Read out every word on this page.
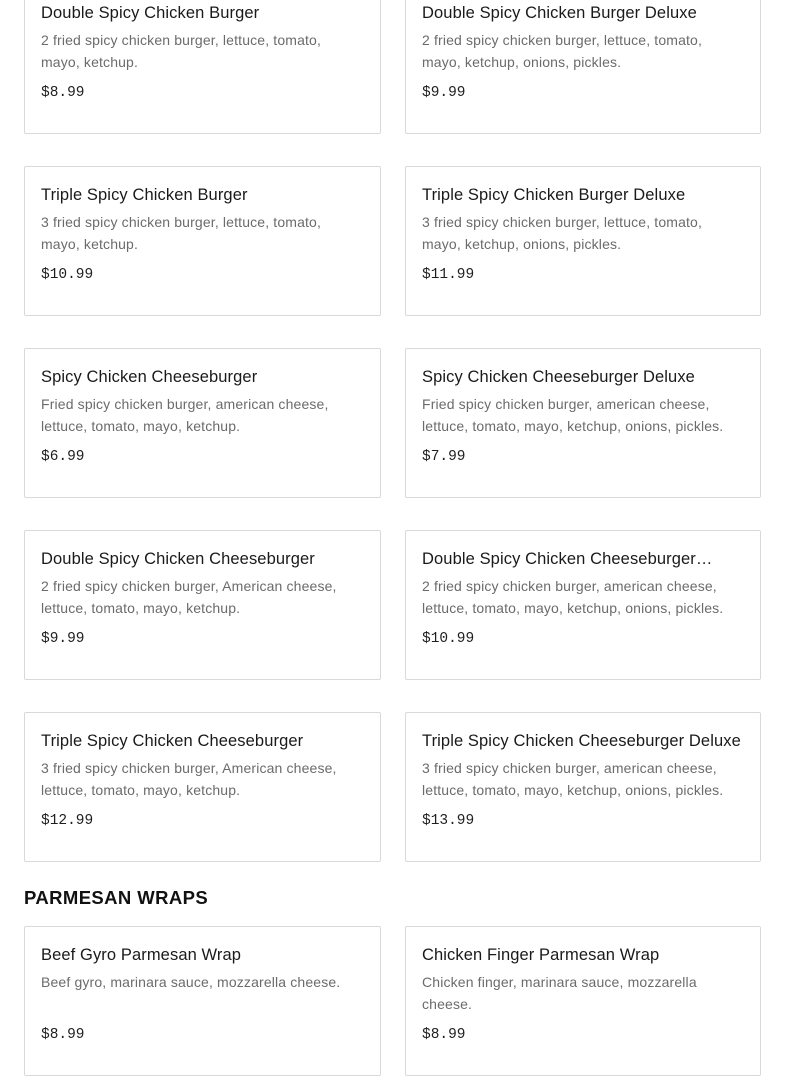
Double Spicy Chicken Burger
2 fried spicy chicken burger, lettuce, tomato, mayo, ketchup.
$8.99
Double Spicy Chicken Burger Deluxe
2 fried spicy chicken burger, lettuce, tomato, mayo, ketchup, onions, pickles.
$9.99
Triple Spicy Chicken Burger
3 fried spicy chicken burger, lettuce, tomato, mayo, ketchup.
$10.99
Triple Spicy Chicken Burger Deluxe
3 fried spicy chicken burger, lettuce, tomato, mayo, ketchup, onions, pickles.
$11.99
Spicy Chicken Cheeseburger
Fried spicy chicken burger, american cheese, lettuce, tomato, mayo, ketchup.
$6.99
Spicy Chicken Cheeseburger Deluxe
Fried spicy chicken burger, american cheese, lettuce, tomato, mayo, ketchup, onions, pickles.
$7.99
Double Spicy Chicken Cheeseburger
2 fried spicy chicken burger, American cheese, lettuce, tomato, mayo, ketchup.
$9.99
Double Spicy Chicken Cheeseburger…
2 fried spicy chicken burger, american cheese, lettuce, tomato, mayo, ketchup, onions, pickles.
$10.99
Triple Spicy Chicken Cheeseburger
3 fried spicy chicken burger, American cheese, lettuce, tomato, mayo, ketchup.
$12.99
Triple Spicy Chicken Cheeseburger Deluxe
3 fried spicy chicken burger, american cheese, lettuce, tomato, mayo, ketchup, onions, pickles.
$13.99
PARMESAN WRAPS
Beef Gyro Parmesan Wrap
Beef gyro, marinara sauce, mozzarella cheese.
$8.99
Chicken Finger Parmesan Wrap
Chicken finger, marinara sauce, mozzarella cheese.
$8.99
